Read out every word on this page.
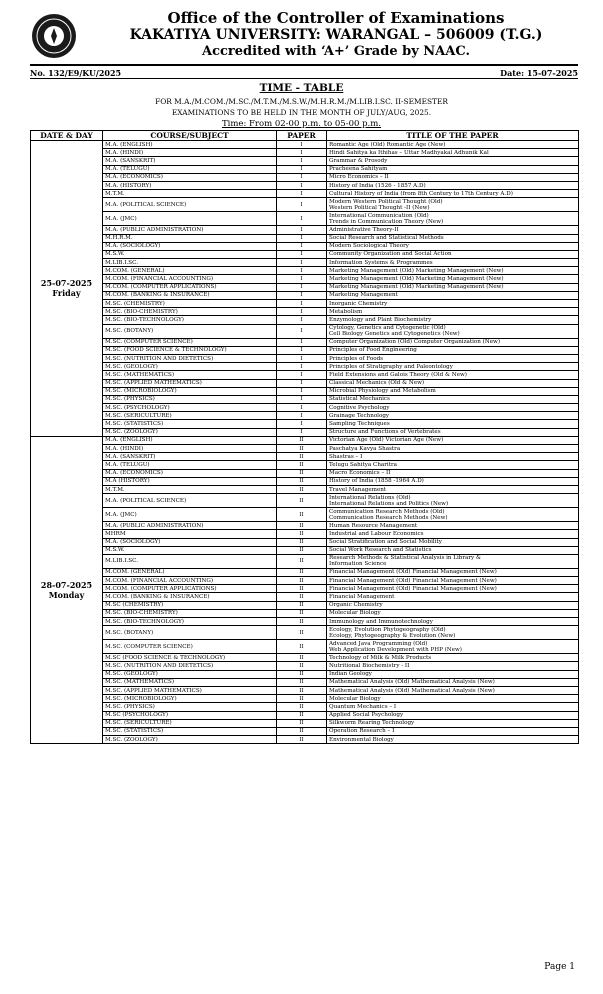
Office of the Controller of Examinations
KAKATIYA UNIVERSITY: WARANGAL – 506009 (T.G.)
Accredited with ‘A+’ Grade by NAAC.
No. 132/E9/KU/2025	Date: 15-07-2025
TIME - TABLE
FOR M.A./M.COM./M.SC./M.T.M./M.S.W./M.H.R.M./M.LIB.I.SC. II-SEMESTER
EXAMINATIONS TO BE HELD IN THE MONTH OF JULY/AUG, 2025.
Time: From 02-00 p.m. to 05-00 p.m.
DATE & DAY	COURSE/SUBJECT	PAPER	TITLE OF THE PAPER

25-07-2025
Friday	M.A. (ENGLISH)	I	Romantic Age (Old) Romantic Age (New)

	M.A. (HINDI)	I	Hindi Sahitya ka Ithihas – Uttar Madhyakal Adhunik Kal

	M.A. (SANSKRIT)	I	Grammar & Prosody

	M.A. (TELUGU)	I	Pracheena Sahityam

	M.A. (ECONOMICS)	I	Micro Economics – II

	M.A. (HISTORY)	I	History of India (1526 - 1857 A.D)

	M.T.M.	I	Cultural History of India (from 8th Century to 17th Century A.D)

	M.A. (POLITICAL SCIENCE)	I	Modern Western Political Thought (Old)
Western Political Thought -II (New)

	M.A. (JMC)	I	International Communication (Old)
Trends in Communication Theory (New)

	M.A. (PUBLIC ADMINISTRATION)	I	Administrative Theory-II

	M.H.R.M.	I	Social Research and Statistical Methods

	M.A. (SOCIOLOGY)	I	Modern Sociological Theory

	M.S.W.	I	Community Organization and Social Action

	M.LIB.I.SC.	I	Information Systems & Programmes

	M.COM. (GENERAL)	I	Marketing Management (Old) Marketing Management (New)

	M.COM. (FINANCIAL ACCOUNTING)	I	Marketing Management (Old) Marketing Management (New)

	M.COM. (COMPUTER APPLICATIONS)	I	Marketing Management (Old) Marketing Management (New)

	M.COM. (BANKING & INSURANCE)	I	Marketing Management

	M.SC. (CHEMISTRY)	I	Inorganic Chemistry

	M.SC. (BIO-CHEMISTRY)	I	Metabolism

	M.SC. (BIO-TECHNOLOGY)	I	Enzymology and Plant Biochemistry

	M.SC. (BOTANY)	I	Cytology, Genetics and Cytogenetic (Old)
Cell Biology Genetics and Cytogenetics (New)

	M.SC. (COMPUTER SCIENCE)	I	Computer Organization (Old) Computer Organization (New)

	M.SC. (FOOD SCIENCE & TECHNOLOGY)	I	Principles of Food Engineering

	M.SC. (NUTRITION AND DIETETICS)	I	Principles of Foods

	M.SC. (GEOLOGY)	I	Principles of Stratigraphy and Paleontology

	M.SC. (MATHEMATICS)	I	Field Extensions and Galois Theory (Old & New)

	M.SC. (APPLIED MATHEMATICS)	I	Classical Mechanics (Old & New)

	M.SC. (MICROBIOLOGY)	I	Microbial Physiology and Metabolism

	M.SC. (PHYSICS)	I	Statistical Mechanics

	M.SC. (PSYCHOLOGY)	I	Cognitive Psychology

	M.SC. (SERICULTURE)	I	Grainage Technology

	M.SC. (STATISTICS)	I	Sampling Techniques

	M.SC. (ZOOLOGY)	I	Structure and Functions of Vertebrates

28-07-2025
Monday	M.A. (ENGLISH)	II	Victorian Age (Old) Victorian Age (New)

	M.A. (HINDI)	II	Paschatya Kavya Shastra

	M.A. (SANSKRIT)	II	Shastras – I

	M.A. (TELUGU)	II	Telugu Sahitya Charitra

	M.A. (ECONOMICS)	II	Macro Economics – II

	M.A (HISTORY)	II	History of India (1858 -1964 A.D)

	M.T.M.	II	Travel Management

	M.A. (POLITICAL SCIENCE)	II	International Relations (Old)
International Relations and Politics (New)

	M.A. (JMC)	II	Communication Research Methods (Old)
Communication Research Methods (New)

	M.A. (PUBLIC ADMINISTRATION)	II	Human Resource Management

	MHRM	II	Industrial and Labour Economics

	M.A. (SOCIOLOGY)	II	Social Stratification and Social Mobility

	M.S.W.	II	Social Work Research and Statistics

	M.LIB.I.SC.	II	Research Methods & Statistical Analysis in Library &
Information Science

	M.COM. (GENERAL)	II	Financial Management (Old) Financial Management (New)

	M.COM. (FINANCIAL ACCOUNTING)	II	Financial Management (Old) Financial Management (New)

	M.COM. (COMPUTER APPLICATIONS)	II	Financial Management (Old) Financial Management (New)

	M.COM. (BANKING & INSURANCE)	II	Financial Management

	M.SC (CHEMISTRY)	II	Organic Chemistry

	M.SC. (BIO-CHEMISTRY)	II	Molecular Biology

	M.SC. (BIO-TECHNOLOGY)	II	Immunology and Immunotechnology

	M.SC. (BOTANY)	II	Ecology, Evolution Phytogeography (Old)
Ecology, Phytogeography & Evolution (New)

	M.SC. (COMPUTER SCIENCE)	II	Advanced Java Programming (Old)
Web Application Development with PHP (New)

	M.SC (FOOD SCIENCE & TECHNOLOGY)	II	Technology of Milk & Milk Products

	M.SC. (NUTRITION AND DIETETICS)	II	Nutritional Biochemistry - II

	M.SC. (GEOLOGY)	II	Indian Geology

	M.SC. (MATHEMATICS)	II	Mathematical Analysis (Old) Mathematical Analysis (New)

	M.SC. (APPLIED MATHEMATICS)	II	Mathematical Analysis (Old) Mathematical Analysis (New)

	M.SC. (MICROBIOLOGY)	II	Molecular Biology

	M.SC. (PHYSICS)	II	Quantum Mechanics – I

	M.SC (PSYCHOLOGY)	II	Applied Social Psychology

	M.SC. (SERICULTURE)	II	Silkworm Rearing Technology

	M.SC. (STATISTICS)	II	Operation Research – I

	M.SC. (ZOOLOGY)	II	Environmental Biology
Page 1
